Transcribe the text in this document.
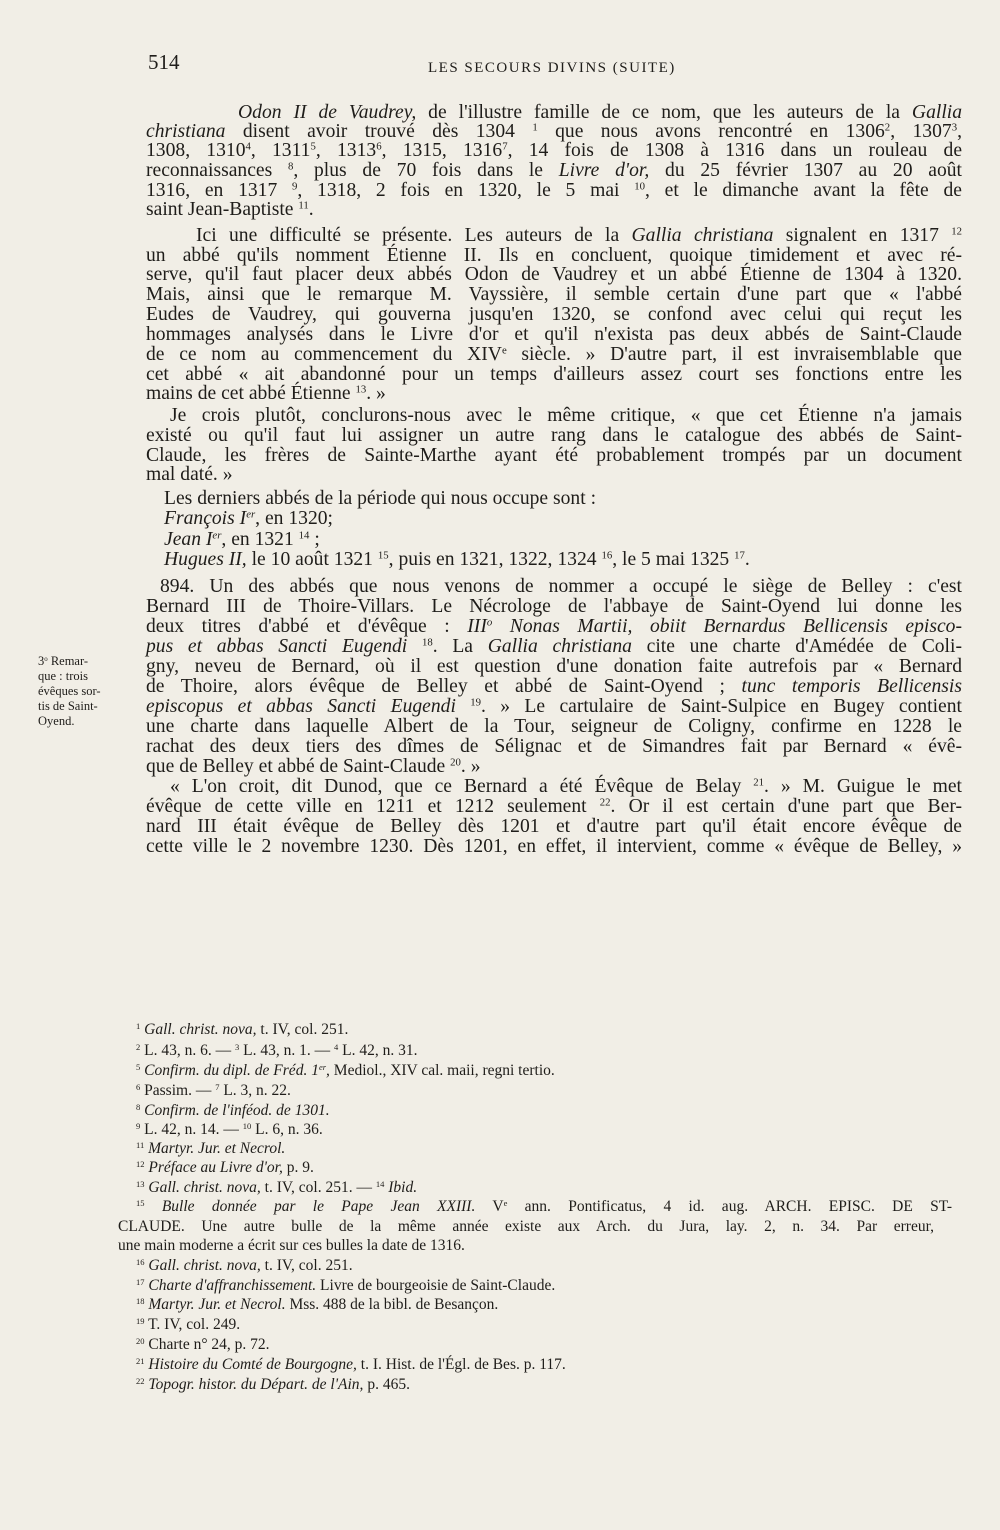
514	LES SECOURS DIVINS (SUITE)
Odon II de Vaudrey, de l'illustre famille de ce nom, que les auteurs de la Gallia
christiana disent avoir trouvé dès 1304 $^1$ que nous avons rencontré en 1306$^2$, 1307$^3$,
1308, 1310$^4$, 1311$^5$, 1313$^6$, 1315, 1316$^7$, 14 fois de 1308 à 1316 dans un rouleau de
reconnaissances $^8$, plus de 70 fois dans le Livre d'or, du 25 février 1307 au 20 août
1316, en 1317 $^9$, 1318, 2 fois en 1320, le 5 mai $^{10}$, et le dimanche avant la fête de
saint Jean-Baptiste $^{11}$.
Ici une difficulté se présente. Les auteurs de la Gallia christiana signalent en 1317 $^{12}$
un abbé qu'ils nomment Étienne II. Ils en concluent, quoique timidement et avec ré-
serve, qu'il faut placer deux abbés Odon de Vaudrey et un abbé Étienne de 1304 à 1320.
Mais, ainsi que le remarque M. Vayssière, il semble certain d'une part que « l'abbé
Eudes de Vaudrey, qui gouverna jusqu'en 1320, se confond avec celui qui reçut les
hommages analysés dans le Livre d'or et qu'il n'exista pas deux abbés de Saint-Claude
de ce nom au commencement du XIVe siècle. » D'autre part, il est invraisemblable que
cet abbé « ait abandonné pour un temps d'ailleurs assez court ses fonctions entre les
mains de cet abbé Étienne $^{13}$. »
Je crois plutôt, conclurons-nous avec le même critique, « que cet Étienne n'a jamais
existé ou qu'il faut lui assigner un autre rang dans le catalogue des abbés de Saint-
Claude, les frères de Sainte-Marthe ayant été probablement trompés par un document
mal daté. »
Les derniers abbés de la période qui nous occupe sont :
François Ier, en 1320;
Jean Ier, en 1321 $^{14}$ ;
Hugues II, le 10 août 1321 $^{15}$, puis en 1321, 1322, 1324 $^{16}$, le 5 mai 1325 $^{17}$.
894. Un des abbés que nous venons de nommer a occupé le siège de Belley : c'est
Bernard III de Thoire-Villars. Le Nécrologe de l'abbaye de Saint-Oyend lui donne les
deux titres d'abbé et d'évêque : III$^o$ Nonas Martii, obiit Bernardus Bellicensis episco-
pus et abbas Sancti Eugendi $^{18}$. La Gallia christiana cite une charte d'Amédée de Coli-
gny, neveu de Bernard, où il est question d'une donation faite autrefois par « Bernard
de Thoire, alors évêque de Belley et abbé de Saint-Oyend ; tunc temporis Bellicensis
episcopus et abbas Sancti Eugendi $^{19}$. » Le cartulaire de Saint-Sulpice en Bugey contient
une charte dans laquelle Albert de la Tour, seigneur de Coligny, confirme en 1228 le
rachat des deux tiers des dîmes de Sélignac et de Simandres fait par Bernard « évê-
que de Belley et abbé de Saint-Claude $^{20}$. »
« L'on croit, dit Dunod, que ce Bernard a été Évêque de Belay $^{21}$. » M. Guigue le met
évêque de cette ville en 1211 et 1212 seulement $^{22}$. Or il est certain d'une part que Ber-
nard III était évêque de Belley dès 1201 et d'autre part qu'il était encore évêque de
cette ville le 2 novembre 1230. Dès 1201, en effet, il intervient, comme « évêque de Belley, »
3$^o$ Remar-
que : trois
évêques sor-
tis de Saint-
Oyend.
$^1$ Gall. christ. nova, t. IV, col. 251.
$^2$ L. 43, n. 6. — $^3$ L. 43, n. 1. — $^4$ L. 42, n. 31.
$^5$ Confirm. du dipl. de Fréd. 1er, Mediol., XIV cal. maii, regni tertio.
$^6$ Passim. — $^7$ L. 3, n. 22.
$^8$ Confirm. de l'inféod. de 1301.
$^9$ L. 42, n. 14. — $^{10}$ L. 6, n. 36.
$^{11}$ Martyr. Jur. et Necrol.
$^{12}$ Préface au Livre d'or, p. 9.
$^{13}$ Gall. christ. nova, t. IV, col. 251. — $^{14}$ Ibid.
$^{15}$ Bulle donnée par le Pape Jean XXIII. Ve ann. Pontificatus, 4 id. aug. ARCH. EPISC. DE ST-
CLAUDE. Une autre bulle de la même année existe aux Arch. du Jura, lay. 2, n. 34. Par erreur,
une main moderne a écrit sur ces bulles la date de 1316.
$^{16}$ Gall. christ. nova, t. IV, col. 251.
$^{17}$ Charte d'affranchissement. Livre de bourgeoisie de Saint-Claude.
$^{18}$ Martyr. Jur. et Necrol. Mss. 488 de la bibl. de Besançon.
$^{19}$ T. IV, col. 249.
$^{20}$ Charte n° 24, p. 72.
$^{21}$ Histoire du Comté de Bourgogne, t. I. Hist. de l'Égl. de Bes. p. 117.
$^{22}$ Topogr. histor. du Départ. de l'Ain, p. 465.
